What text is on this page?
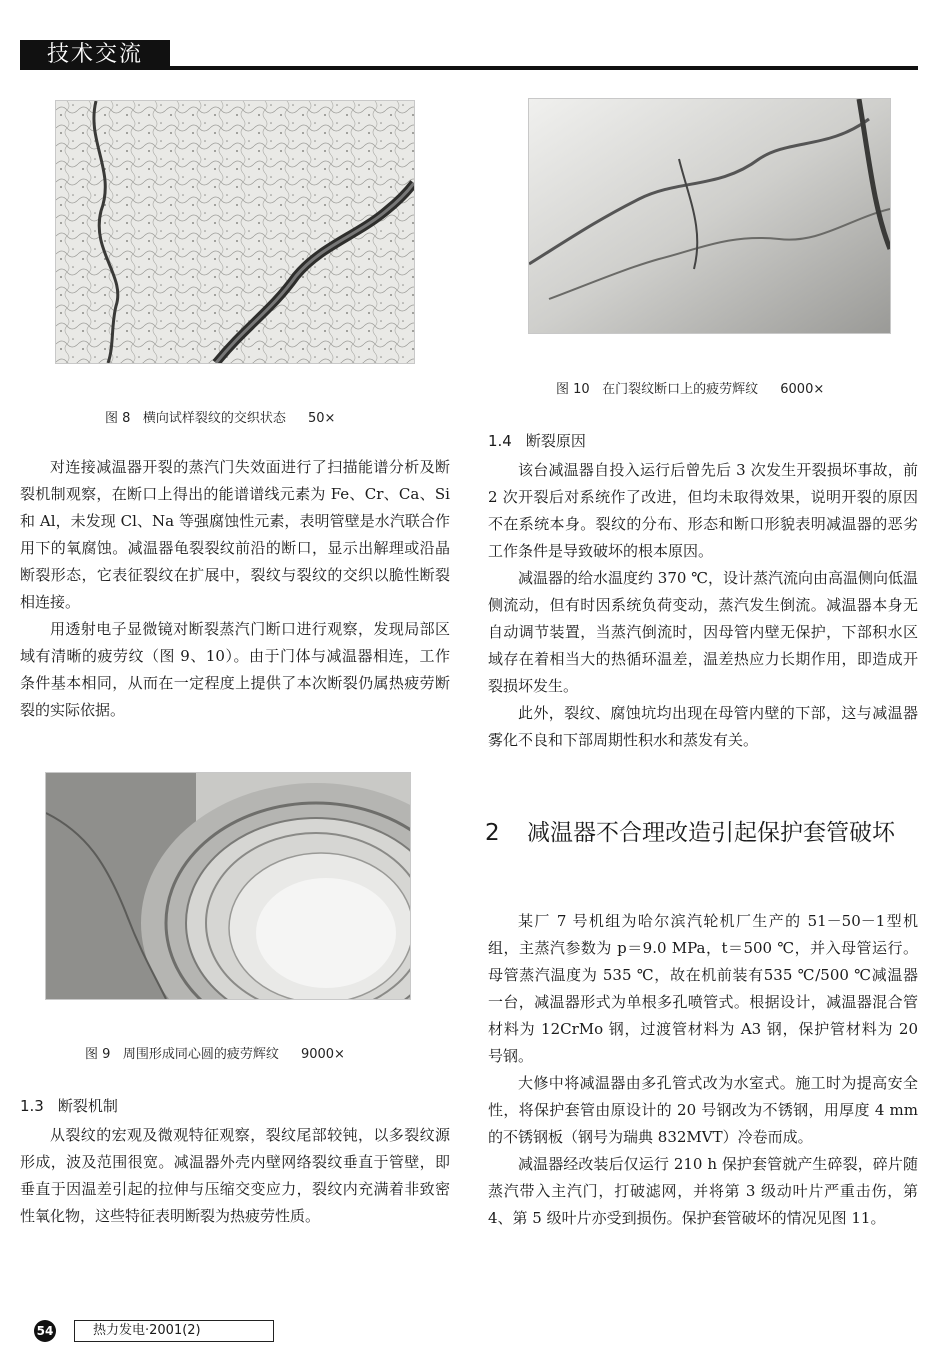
技术交流
图 8 横向试样裂纹的交织状态 50×
图 10 在门裂纹断口上的疲劳辉纹 6000×

对连接减温器开裂的蒸汽门失效面进行了扫描能谱分析及断裂机制观察，在断口上得出的能谱谱线元素为 Fe、Cr、Ca、Si 和 Al，未发现 Cl、Na 等强腐蚀性元素，表明管壁是水汽联合作用下的氧腐蚀。减温器龟裂裂纹前沿的断口，显示出解理或沿晶断裂形态，它表征裂纹在扩展中，裂纹与裂纹的交织以脆性断裂相连接。

用透射电子显微镜对断裂蒸汽门断口进行观察，发现局部区域有清晰的疲劳纹（图 9、10）。由于门体与减温器相连，工作条件基本相同，从而在一定程度上提供了本次断裂仍属热疲劳断裂的实际依据。

图 9 周围形成同心圆的疲劳辉纹 9000×
1.3 断裂机制

从裂纹的宏观及微观特征观察，裂纹尾部较钝，以多裂纹源形成，波及范围很宽。减温器外壳内壁网络裂纹垂直于管壁，即垂直于因温差引起的拉伸与压缩交变应力，裂纹内充满着非致密性氧化物，这些特征表明断裂为热疲劳性质。

1.4 断裂原因

该台减温器自投入运行后曾先后 3 次发生开裂损坏事故，前 2 次开裂后对系统作了改进，但均未取得效果，说明开裂的原因不在系统本身。裂纹的分布、形态和断口形貌表明减温器的恶劣工作条件是导致破坏的根本原因。

减温器的给水温度约 370 ℃，设计蒸汽流向由高温侧向低温侧流动，但有时因系统负荷变动，蒸汽发生倒流。减温器本身无自动调节装置，当蒸汽倒流时，因母管内壁无保护，下部积水区域存在着相当大的热循环温差，温差热应力长期作用，即造成开裂损坏发生。

此外，裂纹、腐蚀坑均出现在母管内壁的下部，这与减温器雾化不良和下部周期性积水和蒸发有关。

2 减温器不合理改造引起保护套管破坏

某厂 7 号机组为哈尔滨汽轮机厂生产的 51－50－1型机组，主蒸汽参数为 p＝9.0 MPa，t＝500 ℃，并入母管运行。母管蒸汽温度为 535 ℃，故在机前装有535 ℃/500 ℃减温器一台，减温器形式为单根多孔喷管式。根据设计，减温器混合管材料为 12CrMo 钢，过渡管材料为 A3 钢，保护管材料为 20 号钢。

大修中将减温器由多孔管式改为水室式。施工时为提高安全性，将保护套管由原设计的 20 号钢改为不锈钢，用厚度 4 mm 的不锈钢板（钢号为瑞典 832MVT）冷卷而成。

减温器经改装后仅运行 210 h 保护套管就产生碎裂，碎片随蒸汽带入主汽门，打破滤网，并将第 3 级动叶片严重击伤，第 4、第 5 级叶片亦受到损伤。保护套管破坏的情况见图 11。

54	热力发电·2001(2)
